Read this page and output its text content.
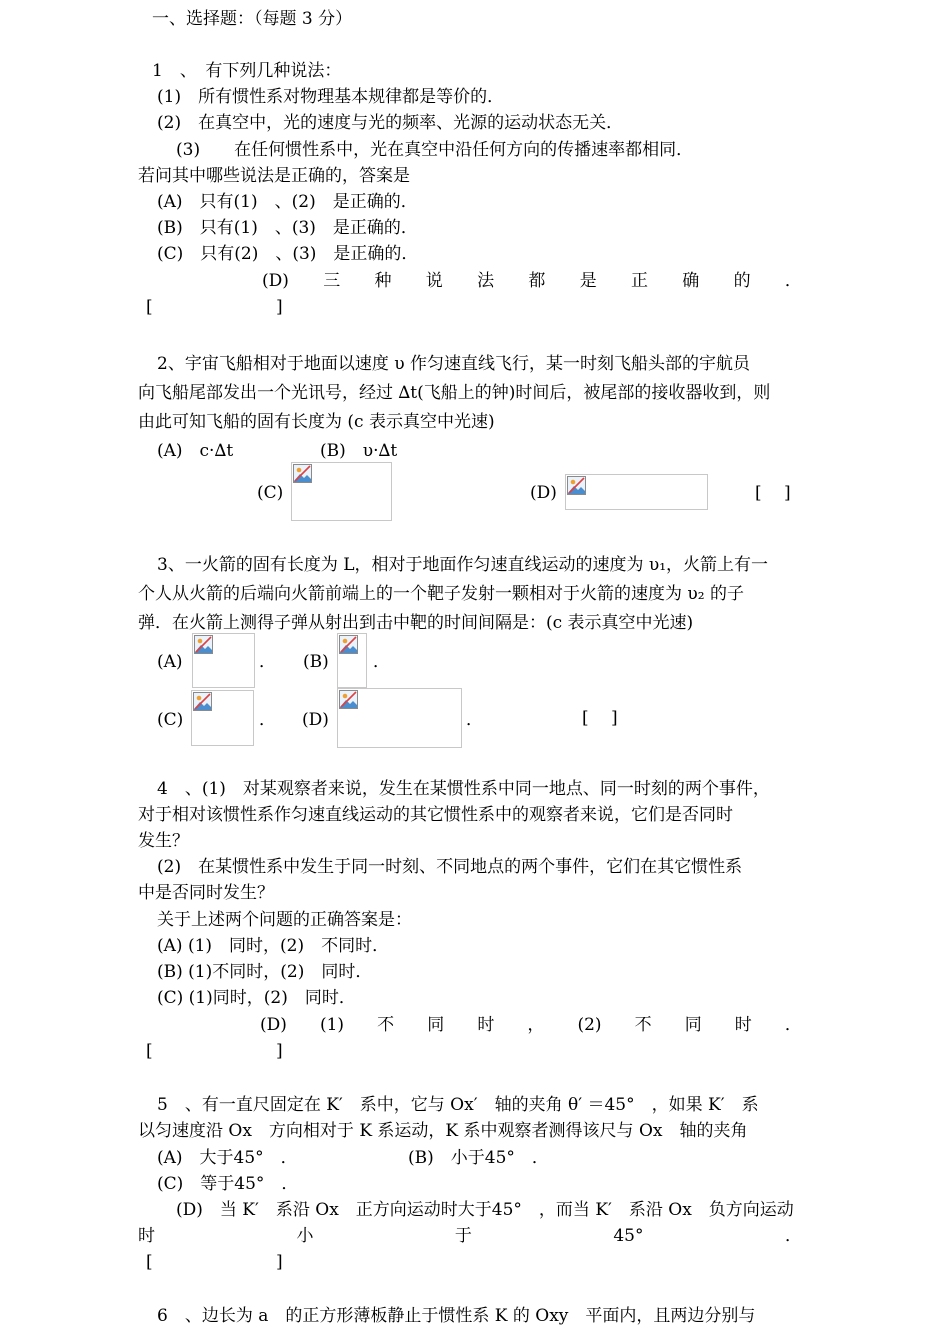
一、选择题：（每题 3 分）
1　、　有下列几种说法：
(1)　所有惯性系对物理基本规律都是等价的．
(2)　在真空中，光的速度与光的频率、光源的运动状态无关．
(3)　　在任何惯性系中，光在真空中沿任何方向的传播速率都相同．
若问其中哪些说法是正确的，答案是
(A)　只有(1)　、(2)　是正确的．
(B)　只有(1)　、(3)　是正确的．
(C)　只有(2)　、(3)　是正确的．
(D) 三 种 说 法 都 是 正 确 的 ．
[	]
2、宇宙飞船相对于地面以速度 υ 作匀速直线飞行，某一时刻飞船头部的宇航员
向飞船尾部发出一个光讯号，经过 ∆t(飞船上的钟)时间后，被尾部的接收器收到，则
由此可知飞船的固有长度为 (c 表示真空中光速)
(A)　c·∆t	(B)　υ·∆t
(C)	(D)	[　 ]
3、一火箭的固有长度为 L，相对于地面作匀速直线运动的速度为 υ₁，火箭上有一
个人从火箭的后端向火箭前端上的一个靶子发射一颗相对于火箭的速度为 υ₂ 的子
弹．在火箭上测得子弹从射出到击中靶的时间间隔是：(c 表示真空中光速)
(A)	． (B)	．
(C)	． (D)	．	[　 ]
4　、(1)　对某观察者来说，发生在某惯性系中同一地点、同一时刻的两个事件，
对于相对该惯性系作匀速直线运动的其它惯性系中的观察者来说，它们是否同时
发生？
(2)　在某惯性系中发生于同一时刻、不同地点的两个事件，它们在其它惯性系
中是否同时发生？
关于上述两个问题的正确答案是：
(A) (1)　同时，(2)　不同时．
(B) (1)不同时，(2)　同时．
(C) (1)同时，(2)　同时．
(D) (1) 不 同 时 ， (2) 不 同 时 ．
[	]
5　、有一直尺固定在 K′　系中，它与 Ox′　轴的夹角 θ′ ＝45°　，如果 K′　系
以匀速度沿 Ox　方向相对于 K 系运动，K 系中观察者测得该尺与 Ox　轴的夹角
(A)　大于45°　．	(B)　小于45°　．
(C)　等于45°　．
(D)　当 K′　系沿 Ox　正方向运动时大于45°　，而当 K′　系沿 Ox　负方向运动
时	小	于	45°	．
[	]
6　、边长为 a　的正方形薄板静止于惯性系 K 的 Oxy　平面内，且两边分别与
